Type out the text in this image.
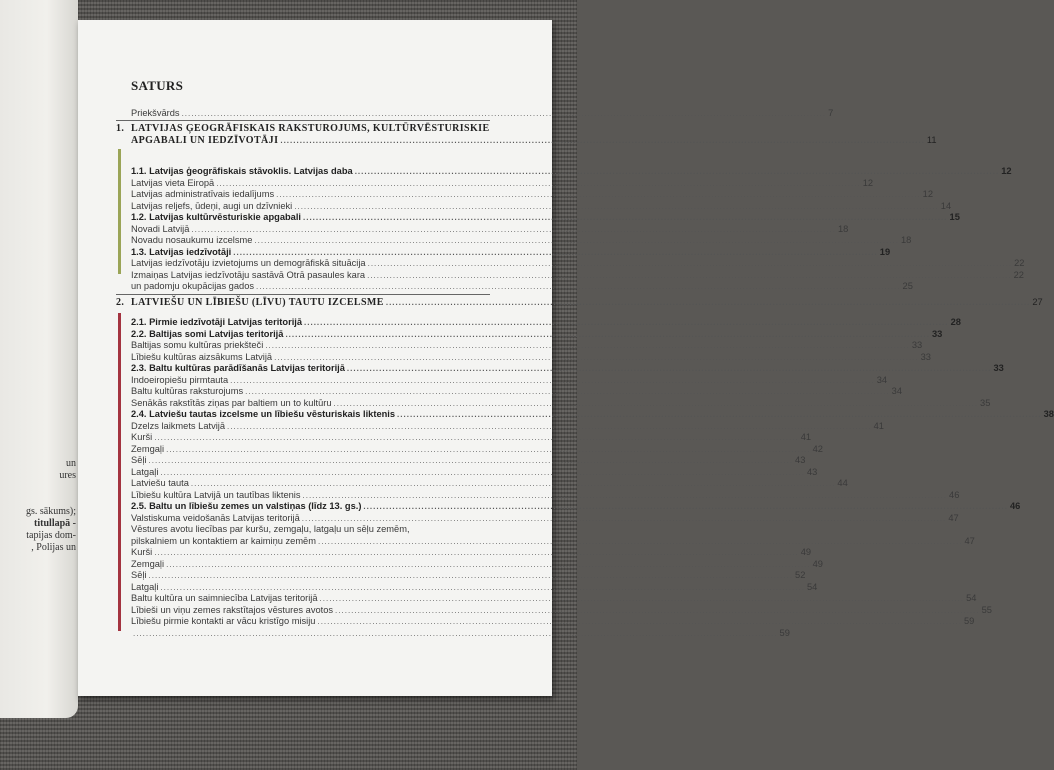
un
ures
gs. sākums);
titullapā -
tapijas dom-
, Polijas un
SATURS
Priekšvārds ........................................................................................................................................................................................................ 7
1. LATVIJAS ĢEOGRĀFISKAIS RAKSTUROJUMS, KULTŪRVĒSTURISKIE
APGABALI UN IEDZĪVOTĀJI ........................................................................................................................................................................................................ 11
1.1. Latvijas ģeogrāfiskais stāvoklis. Latvijas daba ........................................................................................................................................................................................................ 12
Latvijas vieta Eiropā ........................................................................................................................................................................................................ 12
Latvijas administratīvais iedalījums ........................................................................................................................................................................................................ 12
Latvijas reljefs, ūdeņi, augi un dzīvnieki ........................................................................................................................................................................................................ 14
1.2. Latvijas kultūrvēsturiskie apgabali ........................................................................................................................................................................................................ 15
Novadi Latvijā ........................................................................................................................................................................................................ 18
Novadu nosaukumu izcelsme ........................................................................................................................................................................................................ 18
1.3. Latvijas iedzīvotāji ........................................................................................................................................................................................................ 19
Latvijas iedzīvotāju izvietojums un demogrāfiskā situācija ........................................................................................................................................................................................................ 22
Izmaiņas Latvijas iedzīvotāju sastāvā Otrā pasaules kara ........................................................................................................................................................................................................ 22
un padomju okupācijas gados ........................................................................................................................................................................................................ 25
2. LATVIEŠU UN LĪBIEŠU (LĪVU) TAUTU IZCELSME ........................................................................................................................................................................................................ 27
2.1. Pirmie iedzīvotāji Latvijas teritorijā ........................................................................................................................................................................................................ 28
2.2. Baltijas somi Latvijas teritorijā ........................................................................................................................................................................................................ 33
Baltijas somu kultūras priekšteči ........................................................................................................................................................................................................ 33
Lībiešu kultūras aizsākums Latvijā ........................................................................................................................................................................................................ 33
2.3. Baltu kultūras parādīšanās Latvijas teritorijā ........................................................................................................................................................................................................ 33
Indoeiropiešu pirmtauta ........................................................................................................................................................................................................ 34
Baltu kultūras raksturojums ........................................................................................................................................................................................................ 34
Senākās rakstītās ziņas par baltiem un to kultūru ........................................................................................................................................................................................................ 35
2.4. Latviešu tautas izcelsme un lībiešu vēsturiskais liktenis ........................................................................................................................................................................................................ 38
Dzelzs laikmets Latvijā ........................................................................................................................................................................................................ 41
Kurši ........................................................................................................................................................................................................ 41
Zemgaļi ........................................................................................................................................................................................................ 42
Sēļi ........................................................................................................................................................................................................ 43
Latgaļi ........................................................................................................................................................................................................ 43
Latviešu tauta ........................................................................................................................................................................................................ 44
Lībiešu kultūra Latvijā un tautības liktenis ........................................................................................................................................................................................................ 46
2.5. Baltu un lībiešu zemes un valstiņas (līdz 13. gs.) ........................................................................................................................................................................................................ 46
Valstiskuma veidošanās Latvijas teritorijā ........................................................................................................................................................................................................ 47
Vēstures avotu liecības par kuršu, zemgaļu, latgaļu un sēļu zemēm,
pilskalniem un kontaktiem ar kaimiņu zemēm ........................................................................................................................................................................................................ 47
Kurši ........................................................................................................................................................................................................ 49
Zemgaļi ........................................................................................................................................................................................................ 49
Sēļi ........................................................................................................................................................................................................ 52
Latgaļi ........................................................................................................................................................................................................ 54
Baltu kultūra un saimniecība Latvijas teritorijā ........................................................................................................................................................................................................ 54
Lībieši un viņu zemes rakstītajos vēstures avotos ........................................................................................................................................................................................................ 55
Lībiešu pirmie kontakti ar vācu kristīgo misiju ........................................................................................................................................................................................................ 59
........................................................................................................................................................................................................ 59
